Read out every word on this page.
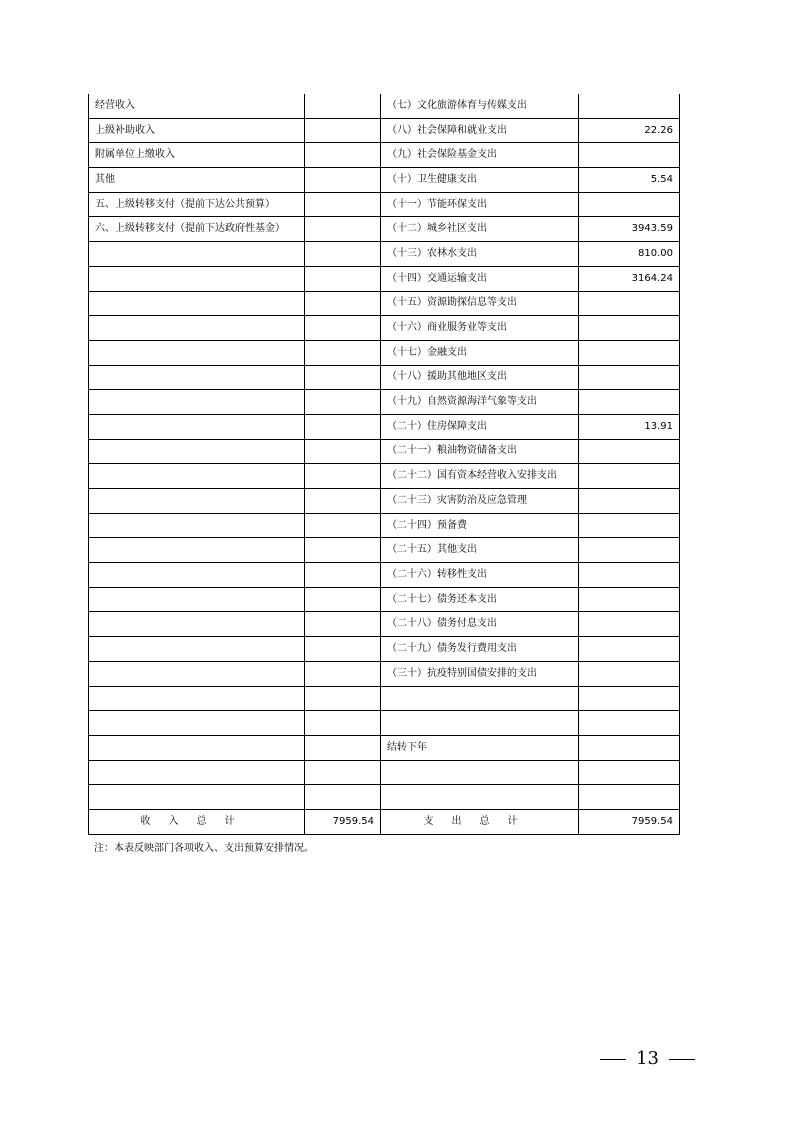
经营收入		（七）文化旅游体育与传媒支出	
上级补助收入		（八）社会保障和就业支出	22.26
附属单位上缴收入		（九）社会保险基金支出	
其他		（十）卫生健康支出	5.54
五、上级转移支付（提前下达公共预算）		（十一）节能环保支出	
六、上级转移支付（提前下达政府性基金）		（十二）城乡社区支出	3943.59
		（十三）农林水支出	810.00
		（十四）交通运输支出	3164.24
		（十五）资源勘探信息等支出	
		（十六）商业服务业等支出	
		（十七）金融支出	
		（十八）援助其他地区支出	
		（十九）自然资源海洋气象等支出	
		（二十）住房保障支出	13.91
		（二十一）粮油物资储备支出	
		（二十二）国有资本经营收入安排支出	
		（二十三）灾害防治及应急管理	
		（二十四）预备费	
		（二十五）其他支出	
		（二十六）转移性支出	
		（二十七）债务还本支出	
		（二十八）债务付息支出	
		（二十九）债务发行费用支出	
		（三十）抗疫特别国债安排的支出	

		结转下年	

收入总计	7959.54	支出总计	7959.54
注：本表反映部门各项收入、支出预算安排情况。
13
